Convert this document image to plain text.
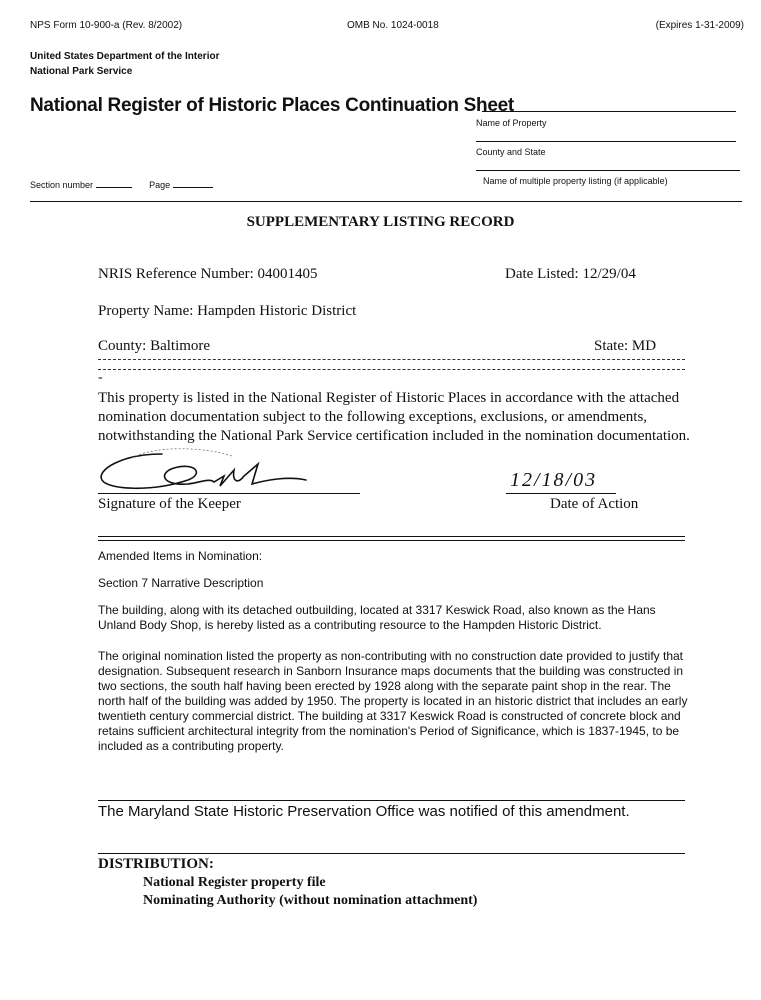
NPS Form 10-900-a (Rev. 8/2002)	OMB No. 1024-0018	(Expires 1-31-2009)
United States Department of the Interior
National Park Service
National Register of Historic Places Continuation Sheet
Name of Property
County and State
Name of multiple property listing (if applicable)
Section number	Page
SUPPLEMENTARY LISTING RECORD
NRIS Reference Number: 04001405	Date Listed: 12/29/04
Property Name: Hampden Historic District
County: Baltimore	State: MD
-
This property is listed in the National Register of Historic Places in accordance with the attached nomination documentation subject to the following exceptions, exclusions, or amendments, notwithstanding the National Park Service certification included in the nomination documentation.
Signature of the Keeper
12/18/03
Date of Action
Amended Items in Nomination:
Section 7 Narrative Description
The building, along with its detached outbuilding, located at 3317 Keswick Road, also known as the Hans Unland Body Shop, is hereby listed as a contributing resource to the Hampden Historic District.
The original nomination listed the property as non-contributing with no construction date provided to justify that designation. Subsequent research in Sanborn Insurance maps documents that the building was constructed in two sections, the south half having been erected by 1928 along with the separate paint shop in the rear. The north half of the building was added by 1950. The property is located in an historic district that includes an early twentieth century commercial district. The building at 3317 Keswick Road is constructed of concrete block and retains sufficient architectural integrity from the nomination's Period of Significance, which is 1837-1945, to be included as a contributing property.
The Maryland State Historic Preservation Office was notified of this amendment.
DISTRIBUTION:
National Register property file
Nominating Authority (without nomination attachment)
